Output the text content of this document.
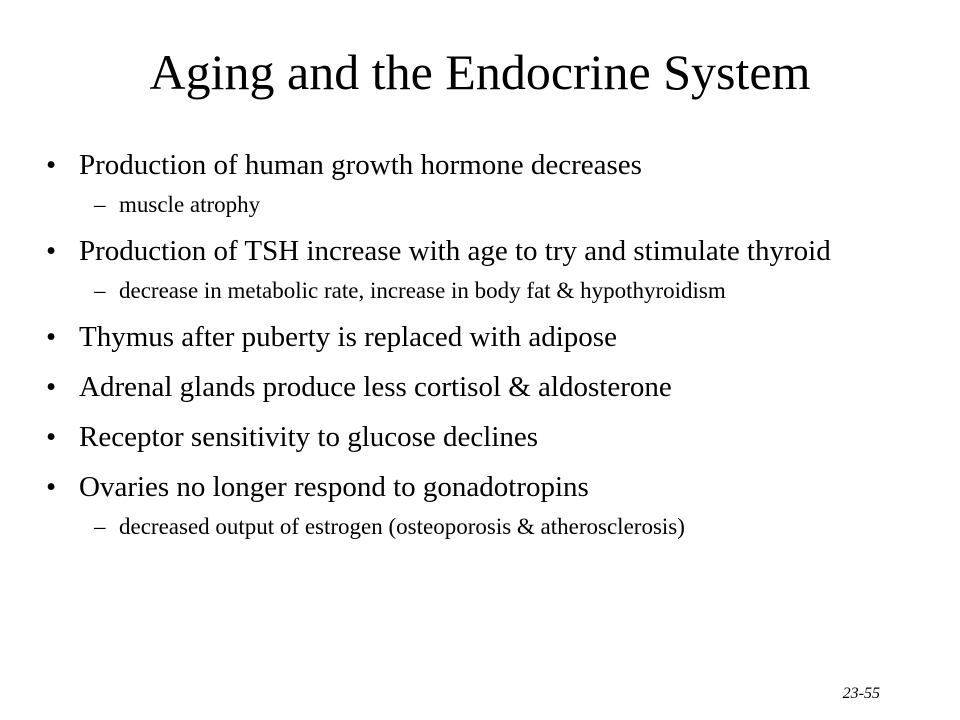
Aging and the Endocrine System
• Production of human growth hormone decreases
– muscle atrophy
• Production of TSH increase with age to try and stimulate thyroid
– decrease in metabolic rate, increase in body fat & hypothyroidism
• Thymus after puberty is replaced with adipose
• Adrenal glands produce less cortisol & aldosterone
• Receptor sensitivity to glucose declines
• Ovaries no longer respond to gonadotropins
– decreased output of estrogen (osteoporosis & atherosclerosis)
23-55
